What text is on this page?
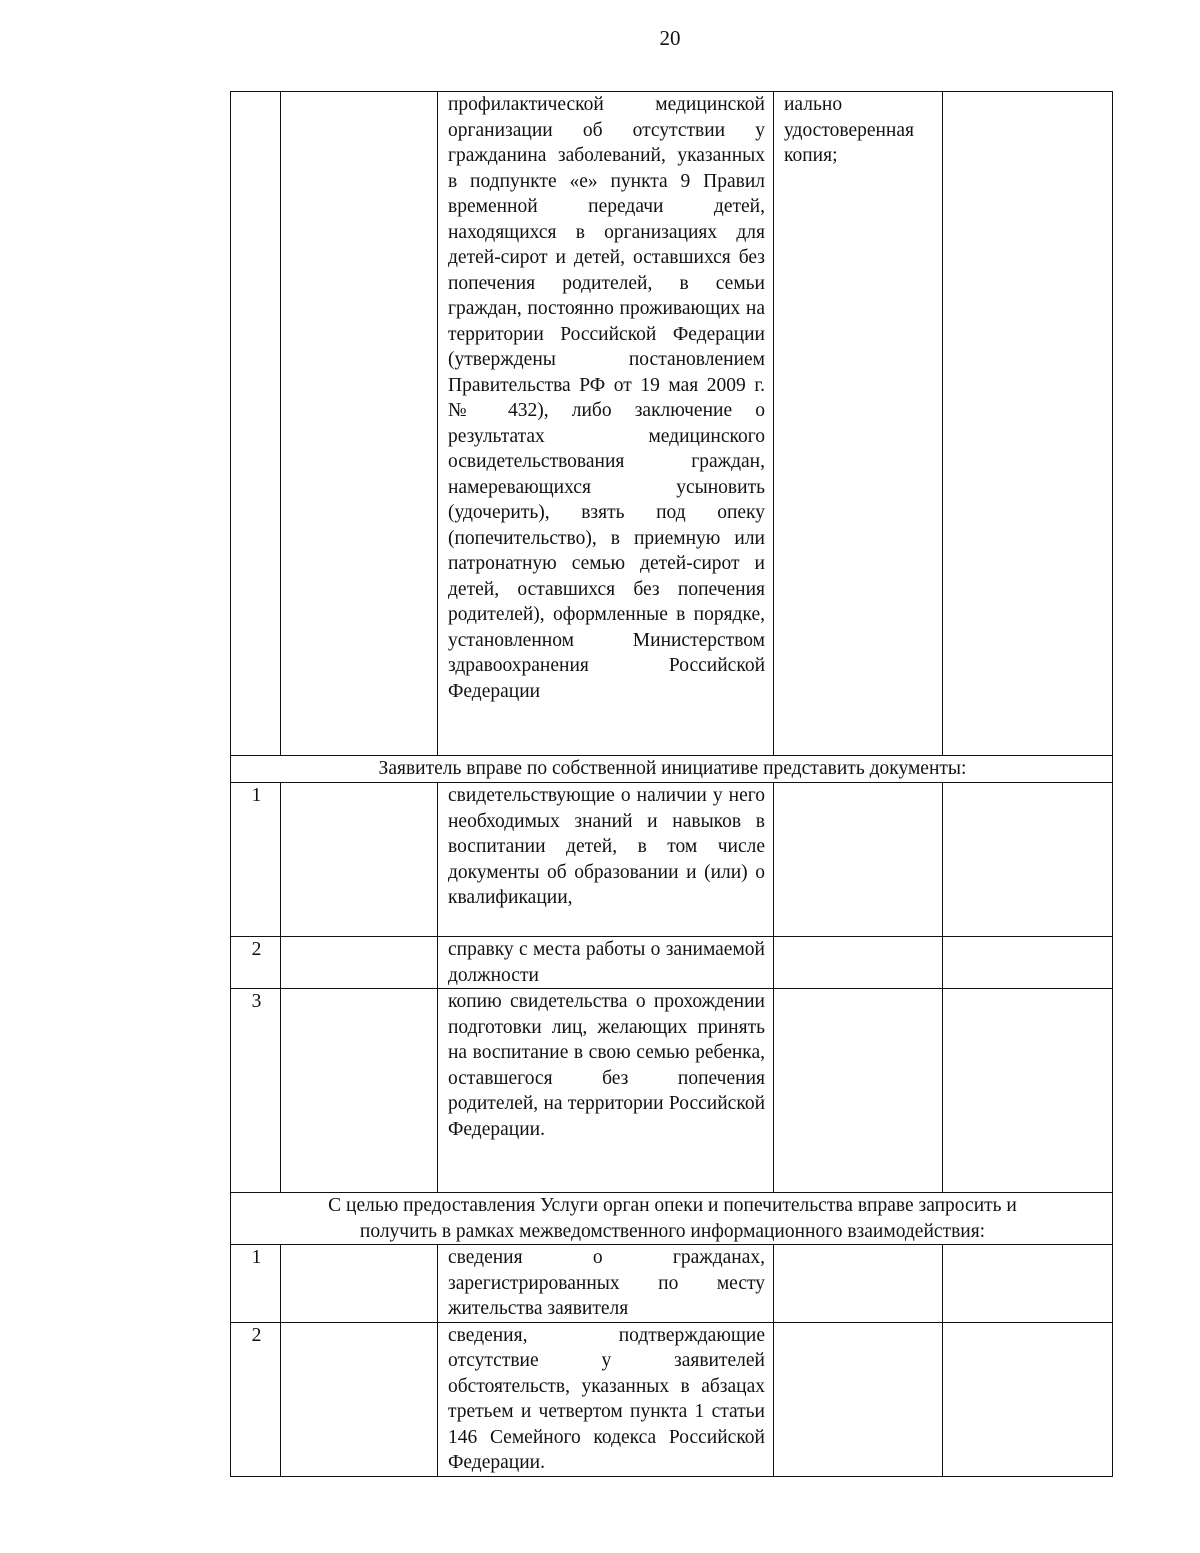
20
		профилактической медицинской организации об отсутствии у гражданина заболеваний, указанных в подпункте «е» пункта 9 Правил временной передачи детей, находящихся в организациях для детей-сирот и детей, оставшихся без попечения родителей, в семьи граждан, постоянно проживающих на территории Российской Федерации (утверждены постановлением Правительства РФ от 19 мая 2009 г. № 432), либо заключение о результатах медицинского освидетельствования граждан, намеревающихся усыновить (удочерить), взять под опеку (попечительство), в приемную или патронатную семью детей-сирот и детей, оставшихся без попечения родителей), оформленные в порядке, установленном Министерством здравоохранения Российской Федерации	иально удостоверенная копия;	
Заявитель вправе по собственной инициативе представить документы:				
1		свидетельствующие о наличии у него необходимых знаний и навыков в воспитании детей, в том числе документы об образовании и (или) о квалификации,		
2		справку с места работы о занимаемой должности		
3		копию свидетельства о прохождении подготовки лиц, желающих принять на воспитание в свою семью ребенка, оставшегося без попечения родителей, на территории Российской Федерации.		

С целью предоставления Услуги орган опеки и попечительства вправе запросить и
получить в рамках межведомственного информационного взаимодействия:				

1		сведения о гражданах, зарегистрированных по месту жительства заявителя		
2		сведения, подтверждающие отсутствие у заявителей обстоятельств, указанных в абзацах третьем и четвертом пункта 1 статьи 146 Семейного кодекса Российской Федерации.		
